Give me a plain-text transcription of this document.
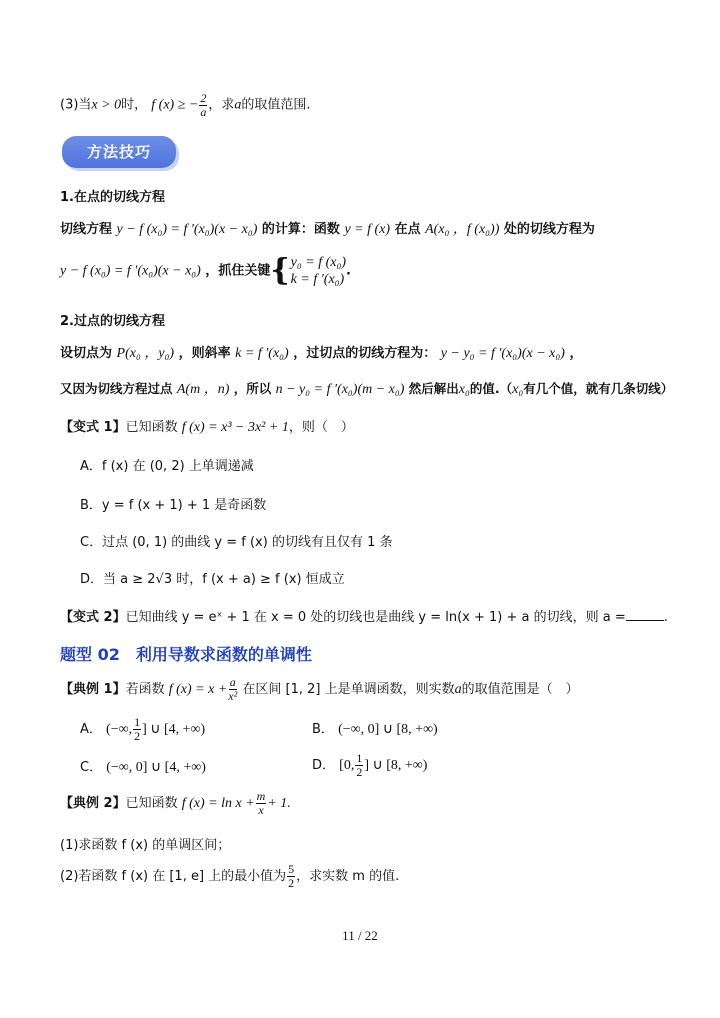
(3)当x > 0时， f (x) ≥ − $\frac{2}{a}$ ，求a的取值范围.
方法技巧
1.在点的切线方程
切线方程 y − f (x₀) = f ′(x₀)(x − x₀) 的计算：函数 y = f (x) 在点 A(x₀ ，f (x₀)) 处的切线方程为
y − f (x₀) = f ′(x₀)(x − x₀) ，抓住关键{ y₀ = f (x₀)
k = f ′(x₀)
.
2.过点的切线方程
设切点为 P(x₀ ，y₀) ，则斜率 k = f ′(x₀) ，过切点的切线方程为： y − y₀ = f ′(x₀)(x − x₀) ，
又因为切线方程过点 A(m ，n) ，所以 n − y₀ = f ′(x₀)(m − x₀) 然后解出x₀的值.（x₀有几个值，就有几条切线）
【变式 1】已知函数 f (x) = x³ − 3x² + 1，则（　）
A．f (x) 在 (0, 2) 上单调递减
B．y = f (x + 1) + 1 是奇函数
C．过点 (0, 1) 的曲线 y = f (x) 的切线有且仅有 1 条
D．当 a ≥ 2√3 时，f (x + a) ≥ f (x) 恒成立
【变式 2】已知曲线 y = eˣ + 1 在 x = 0 处的切线也是曲线 y = ln(x + 1) + a 的切线，则 a =	.
题型 02　利用导数求函数的单调性
【典例 1】若函数 f $(x) = x + \frac{a}{\text{x²}}$ 在区间 [1, 2] 上是单调函数，则实数a的取值范围是（　）
A． (−∞, $\frac{1}{2}$ ] ∪ [4, +∞)	B． (−∞, 0] ∪ [8, +∞)
C． (−∞, 0] ∪ [4, +∞)	D． [0, $\frac{1}{2}$ ] ∪ [8, +∞)
【典例 2】已知函数 f $(x) = \ln x + \frac{m}{x} + 1$.
(1)求函数 f (x) 的单调区间；
(2)若函数 f (x) 在 [1, e] 上的最小值为 $\frac{5}{2}$ ，求实数 m 的值.
11 / 22
